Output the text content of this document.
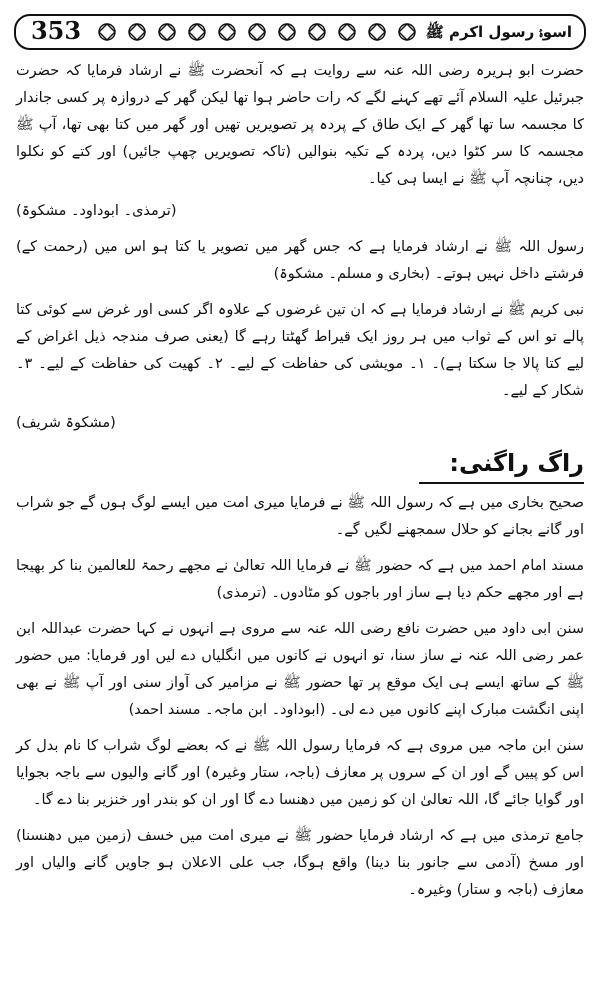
353	اسوۂ رسول اکرم ﷺ

حضرت ابو ہریرہ رضی اللہ عنہ سے روایت ہے کہ آنحضرت ﷺ نے ارشاد فرمایا کہ حضرت جبرئیل علیہ السلام آئے تھے کہنے لگے کہ رات حاضر ہوا تھا لیکن گھر کے دروازہ پر کسی جاندار کا مجسمہ سا تھا گھر کے ایک طاق کے پردہ پر تصویریں تھیں اور گھر میں کتا بھی تھا، آپ ﷺ مجسمہ کا سر کٹوا دیں، پردہ کے تکیہ بنوالیں (تاکہ تصویریں چھپ جائیں) اور کتے کو نکلوا دیں، چنانچہ آپ ﷺ نے ایسا ہی کیا۔

(ترمذی۔ ابوداود۔ مشکوۃ)

رسول اللہ ﷺ نے ارشاد فرمایا ہے کہ جس گھر میں تصویر یا کتا ہو اس میں (رحمت کے) فرشتے داخل نہیں ہوتے۔ (بخاری و مسلم۔ مشکوۃ)

نبی کریم ﷺ نے ارشاد فرمایا ہے کہ ان تین غرضوں کے علاوہ اگر کسی اور غرض سے کوئی کتا پالے تو اس کے ثواب میں ہر روز ایک قیراط گھٹتا رہے گا (یعنی صرف مندجہ ذیل اغراض کے لیے کتا پالا جا سکتا ہے)۔ ۱۔ مویشی کی حفاظت کے لیے۔ ۲۔ کھیت کی حفاظت کے لیے۔ ۳۔ شکار کے لیے۔

(مشکوۃ شریف)

راگ راگنی:

صحیح بخاری میں ہے کہ رسول اللہ ﷺ نے فرمایا میری امت میں ایسے لوگ ہوں گے جو شراب اور گانے بجانے کو حلال سمجھنے لگیں گے۔

مسند امام احمد میں ہے کہ حضور ﷺ نے فرمایا اللہ تعالیٰ نے مجھے رحمۃ للعالمین بنا کر بھیجا ہے اور مجھے حکم دیا ہے ساز اور باجوں کو مٹادوں۔ (ترمذی)

سنن ابی داود میں حضرت نافع رضی اللہ عنہ سے مروی ہے انہوں نے کہا حضرت عبداللہ ابن عمر رضی اللہ عنہ نے ساز سنا، تو انہوں نے کانوں میں انگلیاں دے لیں اور فرمایا: میں حضور ﷺ کے ساتھ ایسے ہی ایک موقع پر تھا حضور ﷺ نے مزامیر کی آواز سنی اور آپ ﷺ نے بھی اپنی انگشت مبارک اپنے کانوں میں دے لی۔ (ابوداود۔ ابن ماجہ۔ مسند احمد)

سنن ابن ماجہ میں مروی ہے کہ فرمایا رسول اللہ ﷺ نے کہ بعضے لوگ شراب کا نام بدل کر اس کو پییں گے اور ان کے سروں پر معازف (باجہ، ستار وغیرہ) اور گانے والیوں سے باجہ بجوایا اور گوایا جائے گا، اللہ تعالیٰ ان کو زمین میں دھنسا دے گا اور ان کو بندر اور خنزیر بنا دے گا۔

جامع ترمذی میں ہے کہ ارشاد فرمایا حضور ﷺ نے میری امت میں خسف (زمین میں دھنسنا) اور مسخ (آدمی سے جانور بنا دینا) واقع ہوگا، جب علی الاعلان ہو جاویں گانے والیاں اور معازف (باجہ و ستار) وغیرہ۔
